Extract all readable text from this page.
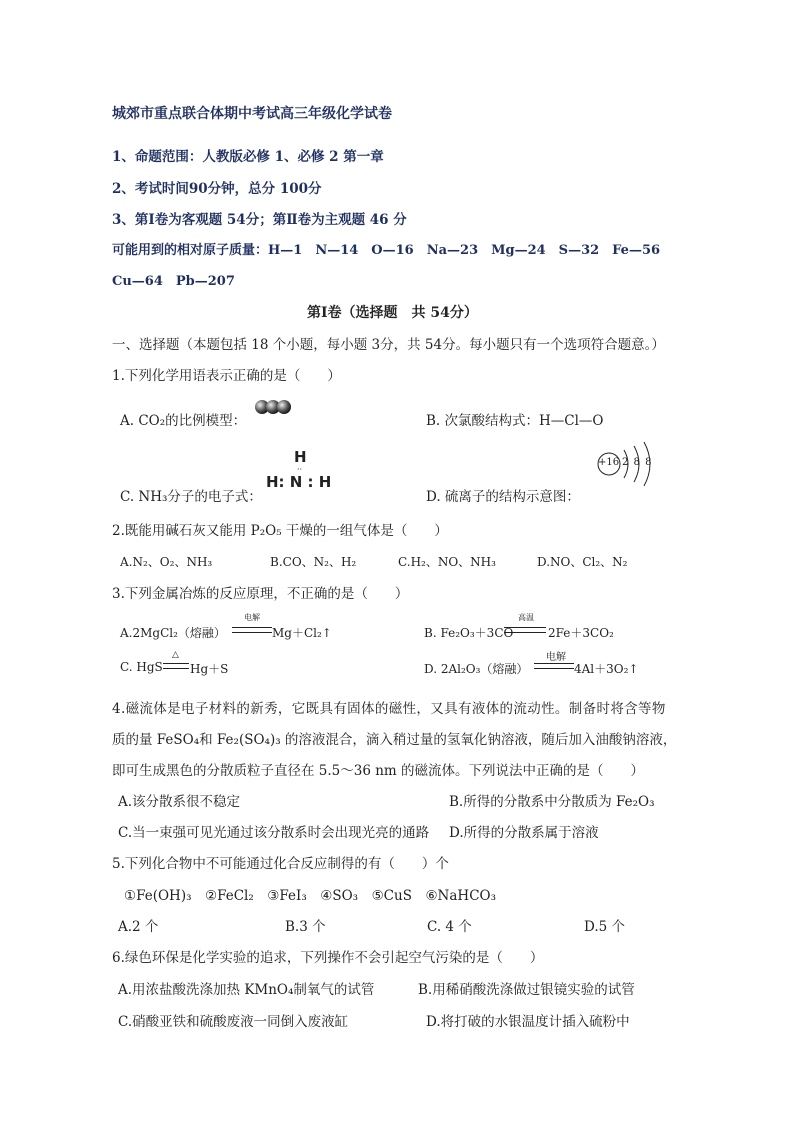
城郊市重点联合体期中考试高三年级化学试卷
1、命题范围：人教版必修 1、必修 2 第一章
2、考试时间90分钟，总分 100分
3、第Ⅰ卷为客观题 54分；第Ⅱ卷为主观题 46 分
可能用到的相对原子质量：H—1　N—14　O—16　Na—23　Mg—24　S—32　Fe—56
Cu—64　Pb—207
第Ⅰ卷（选择题　共 54分）
一、选择题（本题包括 18 个小题，每小题 3分，共 54分。每小题只有一个选项符合题意。）
1.下列化学用语表示正确的是（　　）
A. CO₂的比例模型：	B. 次氯酸结构式：H—Cl—O
C. NH₃分子的电子式：
H
··
H: N : H
D. 硫离子的结构示意图：
+16 2 8 8
2.既能用碱石灰又能用 P₂O₅ 干燥的一组气体是（　　）
A.N₂、O₂、NH₃	B.CO、N₂、H₂	C.H₂、NO、NH₃	D.NO、Cl₂、N₂
3.下列金属冶炼的反应原理，不正确的是（　　）
A.2MgCl₂（熔融）
电解
Mg＋Cl₂↑	B. Fe₂O₃＋3CO
高温
2Fe＋3CO₂
C. HgS
△
Hg＋S	D. 2Al₂O₃（熔融）
电解
4Al＋3O₂↑
4.磁流体是电子材料的新秀，它既具有固体的磁性，又具有液体的流动性。制备时将含等物
质的量 FeSO₄和 Fe₂(SO₄)₃ 的溶液混合，滴入稍过量的氢氧化钠溶液，随后加入油酸钠溶液，
即可生成黑色的分散质粒子直径在 5.5～36 nm 的磁流体。下列说法中正确的是（　　）
A.该分散系很不稳定	B.所得的分散系中分散质为 Fe₂O₃
C.当一束强可见光通过该分散系时会出现光亮的通路 D.所得的分散系属于溶液
5.下列化合物中不可能通过化合反应制得的有（　　）个
①Fe(OH)₃　②FeCl₂　③FeI₃　④SO₃　⑤CuS　⑥NaHCO₃
A.2 个	B.3 个	C. 4 个	D.5 个
6.绿色环保是化学实验的追求，下列操作不会引起空气污染的是（　　）
A.用浓盐酸洗涤加热 KMnO₄制氧气的试管	B.用稀硝酸洗涤做过银镜实验的试管
C.硝酸亚铁和硫酸废液一同倒入废液缸	D.将打破的水银温度计插入硫粉中
